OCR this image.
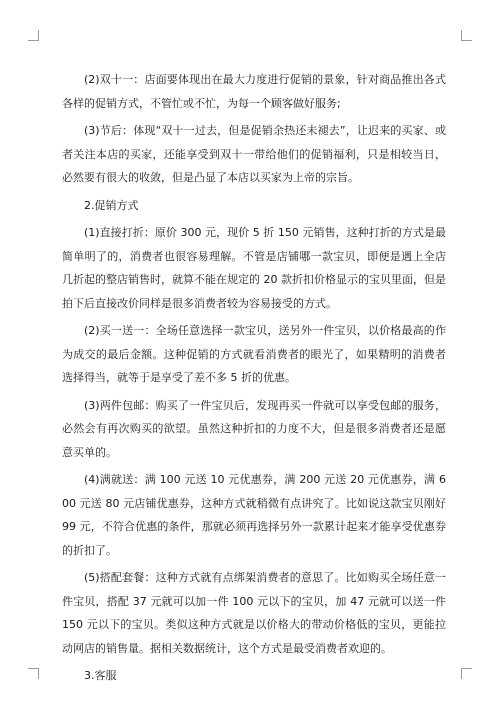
(2)双十一：店面要体现出在最大力度进行促销的景象，针对商品推出各式各样的促销方式，不管忙或不忙，为每一个顾客做好服务;

(3)节后：体现“双十一过去，但是促销余热还未褪去”，让迟来的买家、或者关注本店的买家，还能享受到双十一带给他们的促销福利，只是相较当日，必然要有很大的收敛，但是凸显了本店以买家为上帝的宗旨。

2.促销方式

(1)直接打折：原价 300 元，现价 5 折 150 元销售，这种打折的方式是最简单明了的，消费者也很容易理解。不管是店铺哪一款宝贝，即便是遇上全店几折起的整店销售时，就算不能在规定的 20 款折扣价格显示的宝贝里面，但是拍下后直接改价同样是很多消费者较为容易接受的方式。

(2)买一送一：全场任意选择一款宝贝，送另外一件宝贝，以价格最高的作为成交的最后金额。这种促销的方式就看消费者的眼光了，如果精明的消费者选择得当，就等于是享受了差不多 5 折的优惠。

(3)两件包邮：购买了一件宝贝后，发现再买一件就可以享受包邮的服务，必然会有再次购买的欲望。虽然这种折扣的力度不大，但是很多消费者还是愿意买单的。

(4)满就送：满 100 元送 10 元优惠券，满 200 元送 20 元优惠券，满 600 元送 80 元店铺优惠券，这种方式就稍微有点讲究了。比如说这款宝贝刚好 99 元，不符合优惠的条件，那就必须再选择另外一款累计起来才能享受优惠券的折扣了。

(5)搭配套餐：这种方式就有点绑架消费者的意思了。比如购买全场任意一件宝贝，搭配 37 元就可以加一件 100 元以下的宝贝，加 47 元就可以送一件 150 元以下的宝贝。类似这种方式就是以价格大的带动价格低的宝贝，更能拉动网店的销售量。据相关数据统计，这个方式是最受消费者欢迎的。

3.客服
